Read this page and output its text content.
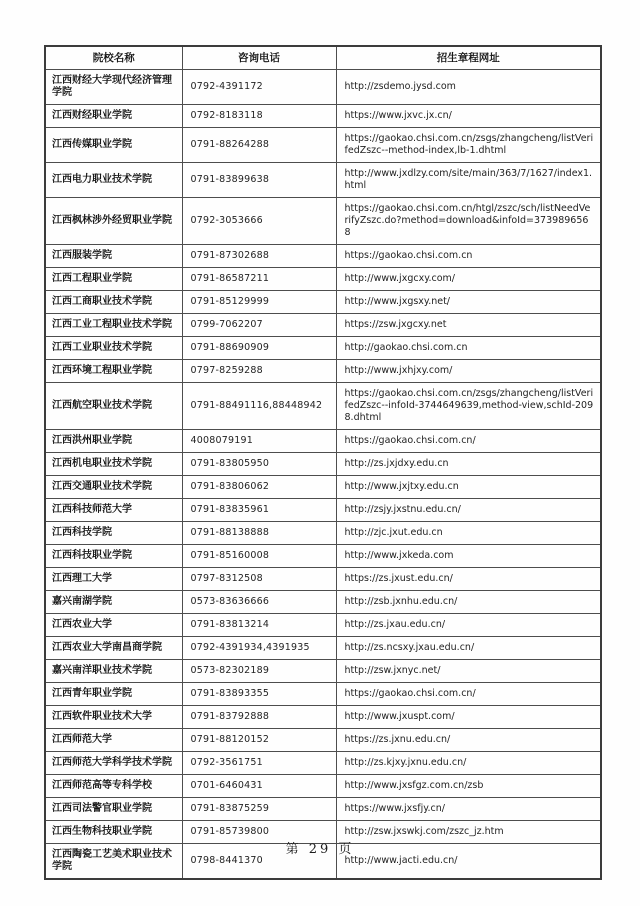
院校名称	咨询电话	招生章程网址
江西财经大学现代经济管理学院	0792-4391172	http://zsdemo.jysd.com
江西财经职业学院	0792-8183118	https://www.jxvc.jx.cn/
江西传媒职业学院	0791-88264288	https://gaokao.chsi.com.cn/zsgs/zhangcheng/listVerifedZszc--method-index,lb-1.dhtml
江西电力职业技术学院	0791-83899638	http://www.jxdlzy.com/site/main/363/7/1627/index1.html
江西枫林涉外经贸职业学院	0792-3053666	https://gaokao.chsi.com.cn/htgl/zszc/sch/listNeedVerifyZszc.do?method=download&infoId=3739896568
江西服装学院	0791-87302688	https://gaokao.chsi.com.cn
江西工程职业学院	0791-86587211	http://www.jxgcxy.com/
江西工商职业技术学院	0791-85129999	http://www.jxgsxy.net/
江西工业工程职业技术学院	0799-7062207	https://zsw.jxgcxy.net
江西工业职业技术学院	0791-88690909	http://gaokao.chsi.com.cn
江西环境工程职业学院	0797-8259288	http://www.jxhjxy.com/
江西航空职业技术学院	0791-88491116,88448942	https://gaokao.chsi.com.cn/zsgs/zhangcheng/listVerifedZszc--infoId-3744649639,method-view,schId-2098.dhtml
江西洪州职业学院	4008079191	https://gaokao.chsi.com.cn/
江西机电职业技术学院	0791-83805950	http://zs.jxjdxy.edu.cn
江西交通职业技术学院	0791-83806062	http://www.jxjtxy.edu.cn
江西科技师范大学	0791-83835961	http://zsjy.jxstnu.edu.cn/
江西科技学院	0791-88138888	http://zjc.jxut.edu.cn
江西科技职业学院	0791-85160008	http://www.jxkeda.com
江西理工大学	0797-8312508	https://zs.jxust.edu.cn/
嘉兴南湖学院	0573-83636666	http://zsb.jxnhu.edu.cn/
江西农业大学	0791-83813214	http://zs.jxau.edu.cn/
江西农业大学南昌商学院	0792-4391934,4391935	http://zs.ncsxy.jxau.edu.cn/
嘉兴南洋职业技术学院	0573-82302189	http://zsw.jxnyc.net/
江西青年职业学院	0791-83893355	https://gaokao.chsi.com.cn/
江西软件职业技术大学	0791-83792888	http://www.jxuspt.com/
江西师范大学	0791-88120152	https://zs.jxnu.edu.cn/
江西师范大学科学技术学院	0792-3561751	http://zs.kjxy.jxnu.edu.cn/
江西师范高等专科学校	0701-6460431	http://www.jxsfgz.com.cn/zsb
江西司法警官职业学院	0791-83875259	https://www.jxsfjy.cn/
江西生物科技职业学院	0791-85739800	http://zsw.jxswkj.com/zszc_jz.htm
江西陶瓷工艺美术职业技术学院	0798-8441370	http://www.jacti.edu.cn/
第 29 页
